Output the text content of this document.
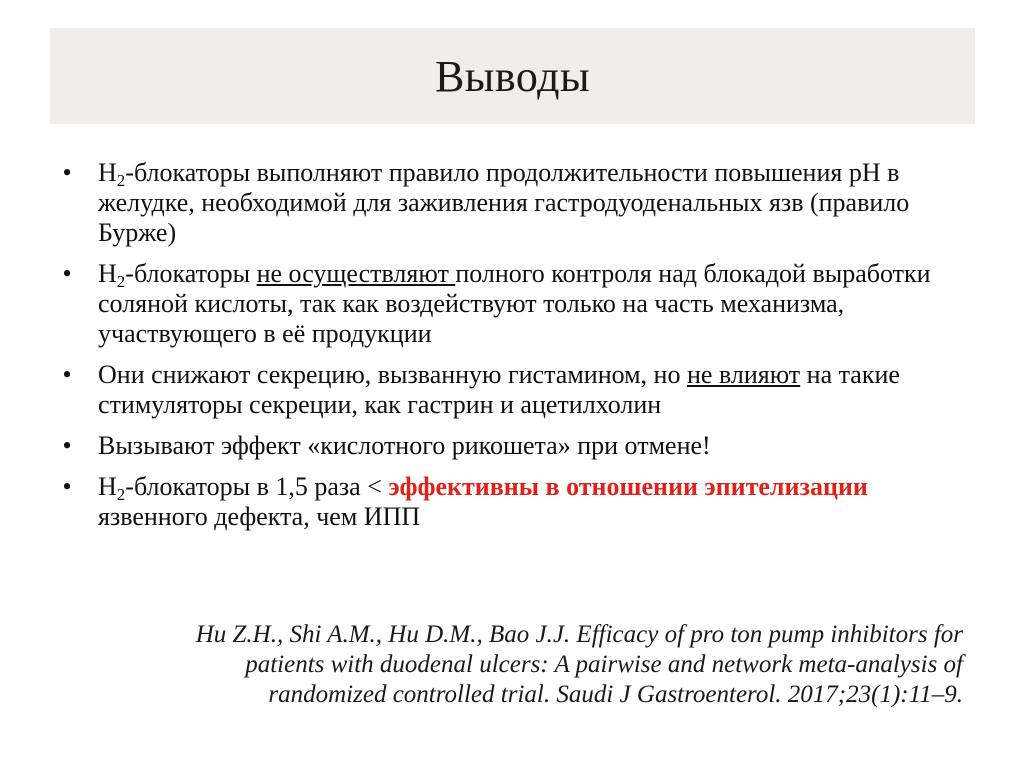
Выводы
• $H_2$-блокаторы выполняют правило продолжительности повышения pH в желудке, необходимой для заживления гастродуоденальных язв (правило Бурже)
• $H_2$-блокаторы не осуществляют полного контроля над блокадой выработки соляной кислоты, так как воздействуют только на часть механизма, участвующего в её продукции
• Они снижают секрецию, вызванную гистамином, но не влияют на такие стимуляторы секреции, как гастрин и ацетилхолин
• Вызывают эффект «кислотного рикошета» при отмене!
• $H_2$-блокаторы в 1,5 раза < эффективны в отношении эпителизации язвенного дефекта, чем ИПП
Hu Z.H., Shi A.M., Hu D.M., Bao J.J. Efficacy of pro ton pump inhibitors for
patients with duodenal ulcers: A pairwise and network meta-analysis of
randomized controlled trial. Saudi J Gastroenterol. 2017;23(1):11–9.
